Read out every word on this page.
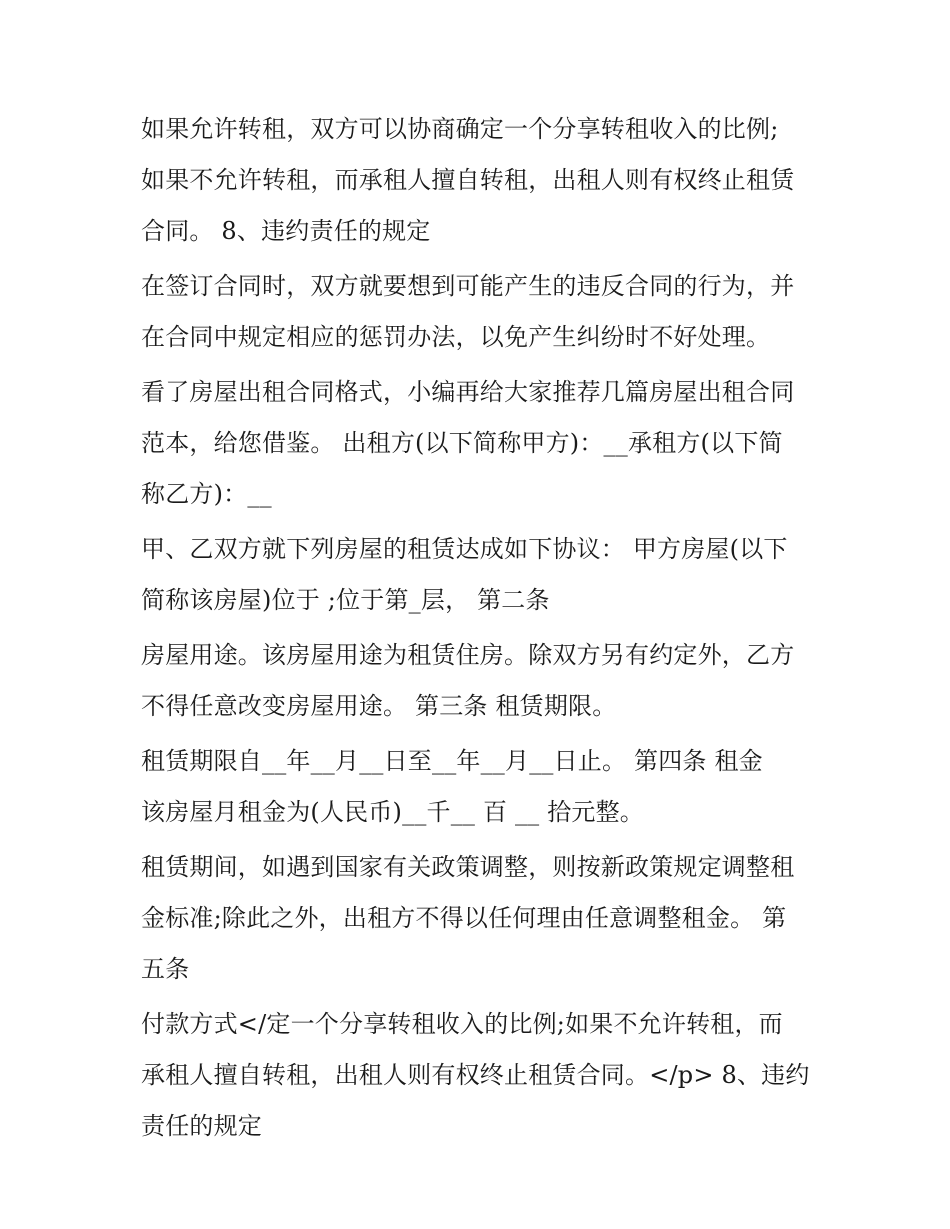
如果允许转租，双方可以协商确定一个分享转租收入的比例;
如果不允许转租，而承租人擅自转租，出租人则有权终止租赁
合同。 8、违约责任的规定
在签订合同时，双方就要想到可能产生的违反合同的行为，并
在合同中规定相应的惩罚办法，以免产生纠纷时不好处理。
看了房屋出租合同格式，小编再给大家推荐几篇房屋出租合同
范本，给您借鉴。 出租方(以下简称甲方)：__承租方(以下简
称乙方)：__
甲、乙双方就下列房屋的租赁达成如下协议： 甲方房屋(以下
简称该房屋)位于 ;位于第_层， 第二条
房屋用途。该房屋用途为租赁住房。除双方另有约定外，乙方
不得任意改变房屋用途。 第三条 租赁期限。
租赁期限自__年__月__日至__年__月__日止。 第四条 租金
该房屋月租金为(人民币)__千__ 百 __ 拾元整。
租赁期间，如遇到国家有关政策调整，则按新政策规定调整租
金标准;除此之外，出租方不得以任何理由任意调整租金。 第
五条
付款方式</定一个分享转租收入的比例;如果不允许转租，而
承租人擅自转租，出租人则有权终止租赁合同。</p> 8、违约
责任的规定
